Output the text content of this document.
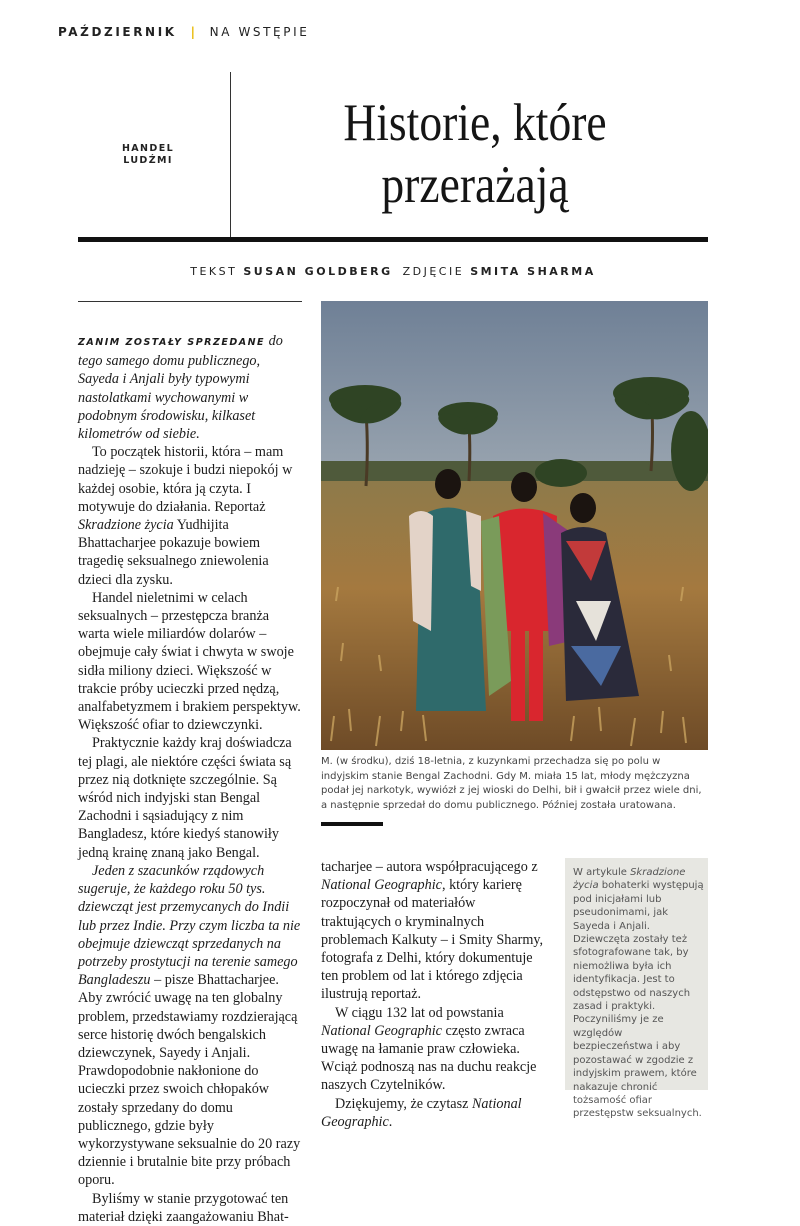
PAŹDZIERNIK | NA WSTĘPIE
HANDEL
LUDŹMI
Historie, które
przerażają
TEKST SUSAN GOLDBERG ZDJĘCIE SMITA SHARMA

ZANIM ZOSTAŁY SPRZEDANE do tego samego domu publicznego, Sayeda i Anjali były typowymi nastolatkami wychowanymi w podobnym środowisku, kilkaset kilometrów od siebie.

To początek historii, która – mam nadzieję – szokuje i budzi niepokój w każdej osobie, która ją czyta. I motywuje do działania. Reportaż Skradzione życia Yudhijita Bhattacharjee pokazuje bowiem tragedię seksualnego zniewolenia dzieci dla zysku.

Handel nieletnimi w celach seksualnych – przestępcza branża warta wiele miliardów dolarów – obejmuje cały świat i chwyta w swoje sidła miliony dzieci. Większość w trakcie próby ucieczki przed nędzą, analfabetyzmem i brakiem perspektyw. Większość ofiar to dziewczynki.

Praktycznie każdy kraj doświadcza tej plagi, ale niektóre części świata są przez nią dotknięte szczególnie. Są wśród nich indyjski stan Bengal Zachodni i sąsiadujący z nim Bangladesz, które kiedyś stanowiły jedną krainę znaną jako Bengal.

Jeden z szacunków rządowych sugeruje, że każdego roku 50 tys. dziewcząt jest przemycanych do Indii lub przez Indie. Przy czym liczba ta nie obejmuje dziewcząt sprzedanych na potrzeby prostytucji na terenie samego Bangladeszu – pisze Bhattacharjee. Aby zwrócić uwagę na ten globalny problem, przedstawiamy rozdzierającą serce historię dwóch bengalskich dziewczynek, Sayedy i Anjali. Prawdopodobnie nakłonione do ucieczki przez swoich chłopaków zostały sprzedany do domu publicznego, gdzie były wykorzystywane seksualnie do 20 razy dziennie i brutalnie bite przy próbach oporu.

Byliśmy w stanie przygotować ten materiał dzięki zaangażowaniu Bhat-

M. (w środku), dziś 18-letnia, z kuzynkami przechadza się po polu w indyjskim stanie Bengal Zachodni. Gdy M. miała 15 lat, młody mężczyzna podał jej narkotyk, wywiózł z jej wioski do Delhi, bił i gwałcił przez wiele dni, a następnie sprzedał do domu publicznego. Później została uratowana.

tacharjee – autora współpracującego z National Geographic, który karierę rozpoczynał od materiałów traktujących o kryminalnych problemach Kalkuty – i Smity Sharmy, fotografa z Delhi, który dokumentuje ten problem od lat i którego zdjęcia ilustrują reportaż.

W ciągu 132 lat od powstania National Geographic często zwraca uwagę na łamanie praw człowieka. Wciąż podnoszą nas na duchu reakcje naszych Czytelników.

Dziękujemy, że czytasz National Geographic.

W artykule Skradzione życia bohaterki występują pod inicjałami lub pseudonimami, jak Sayeda i Anjali. Dziewczęta zostały też sfotografowane tak, by niemożliwa była ich identyfikacja. Jest to odstępstwo od naszych zasad i praktyki. Poczyniliśmy je ze względów bezpieczeństwa i aby pozostawać w zgodzie z indyjskim prawem, które nakazuje chronić tożsamość ofiar przestępstw seksualnych.
